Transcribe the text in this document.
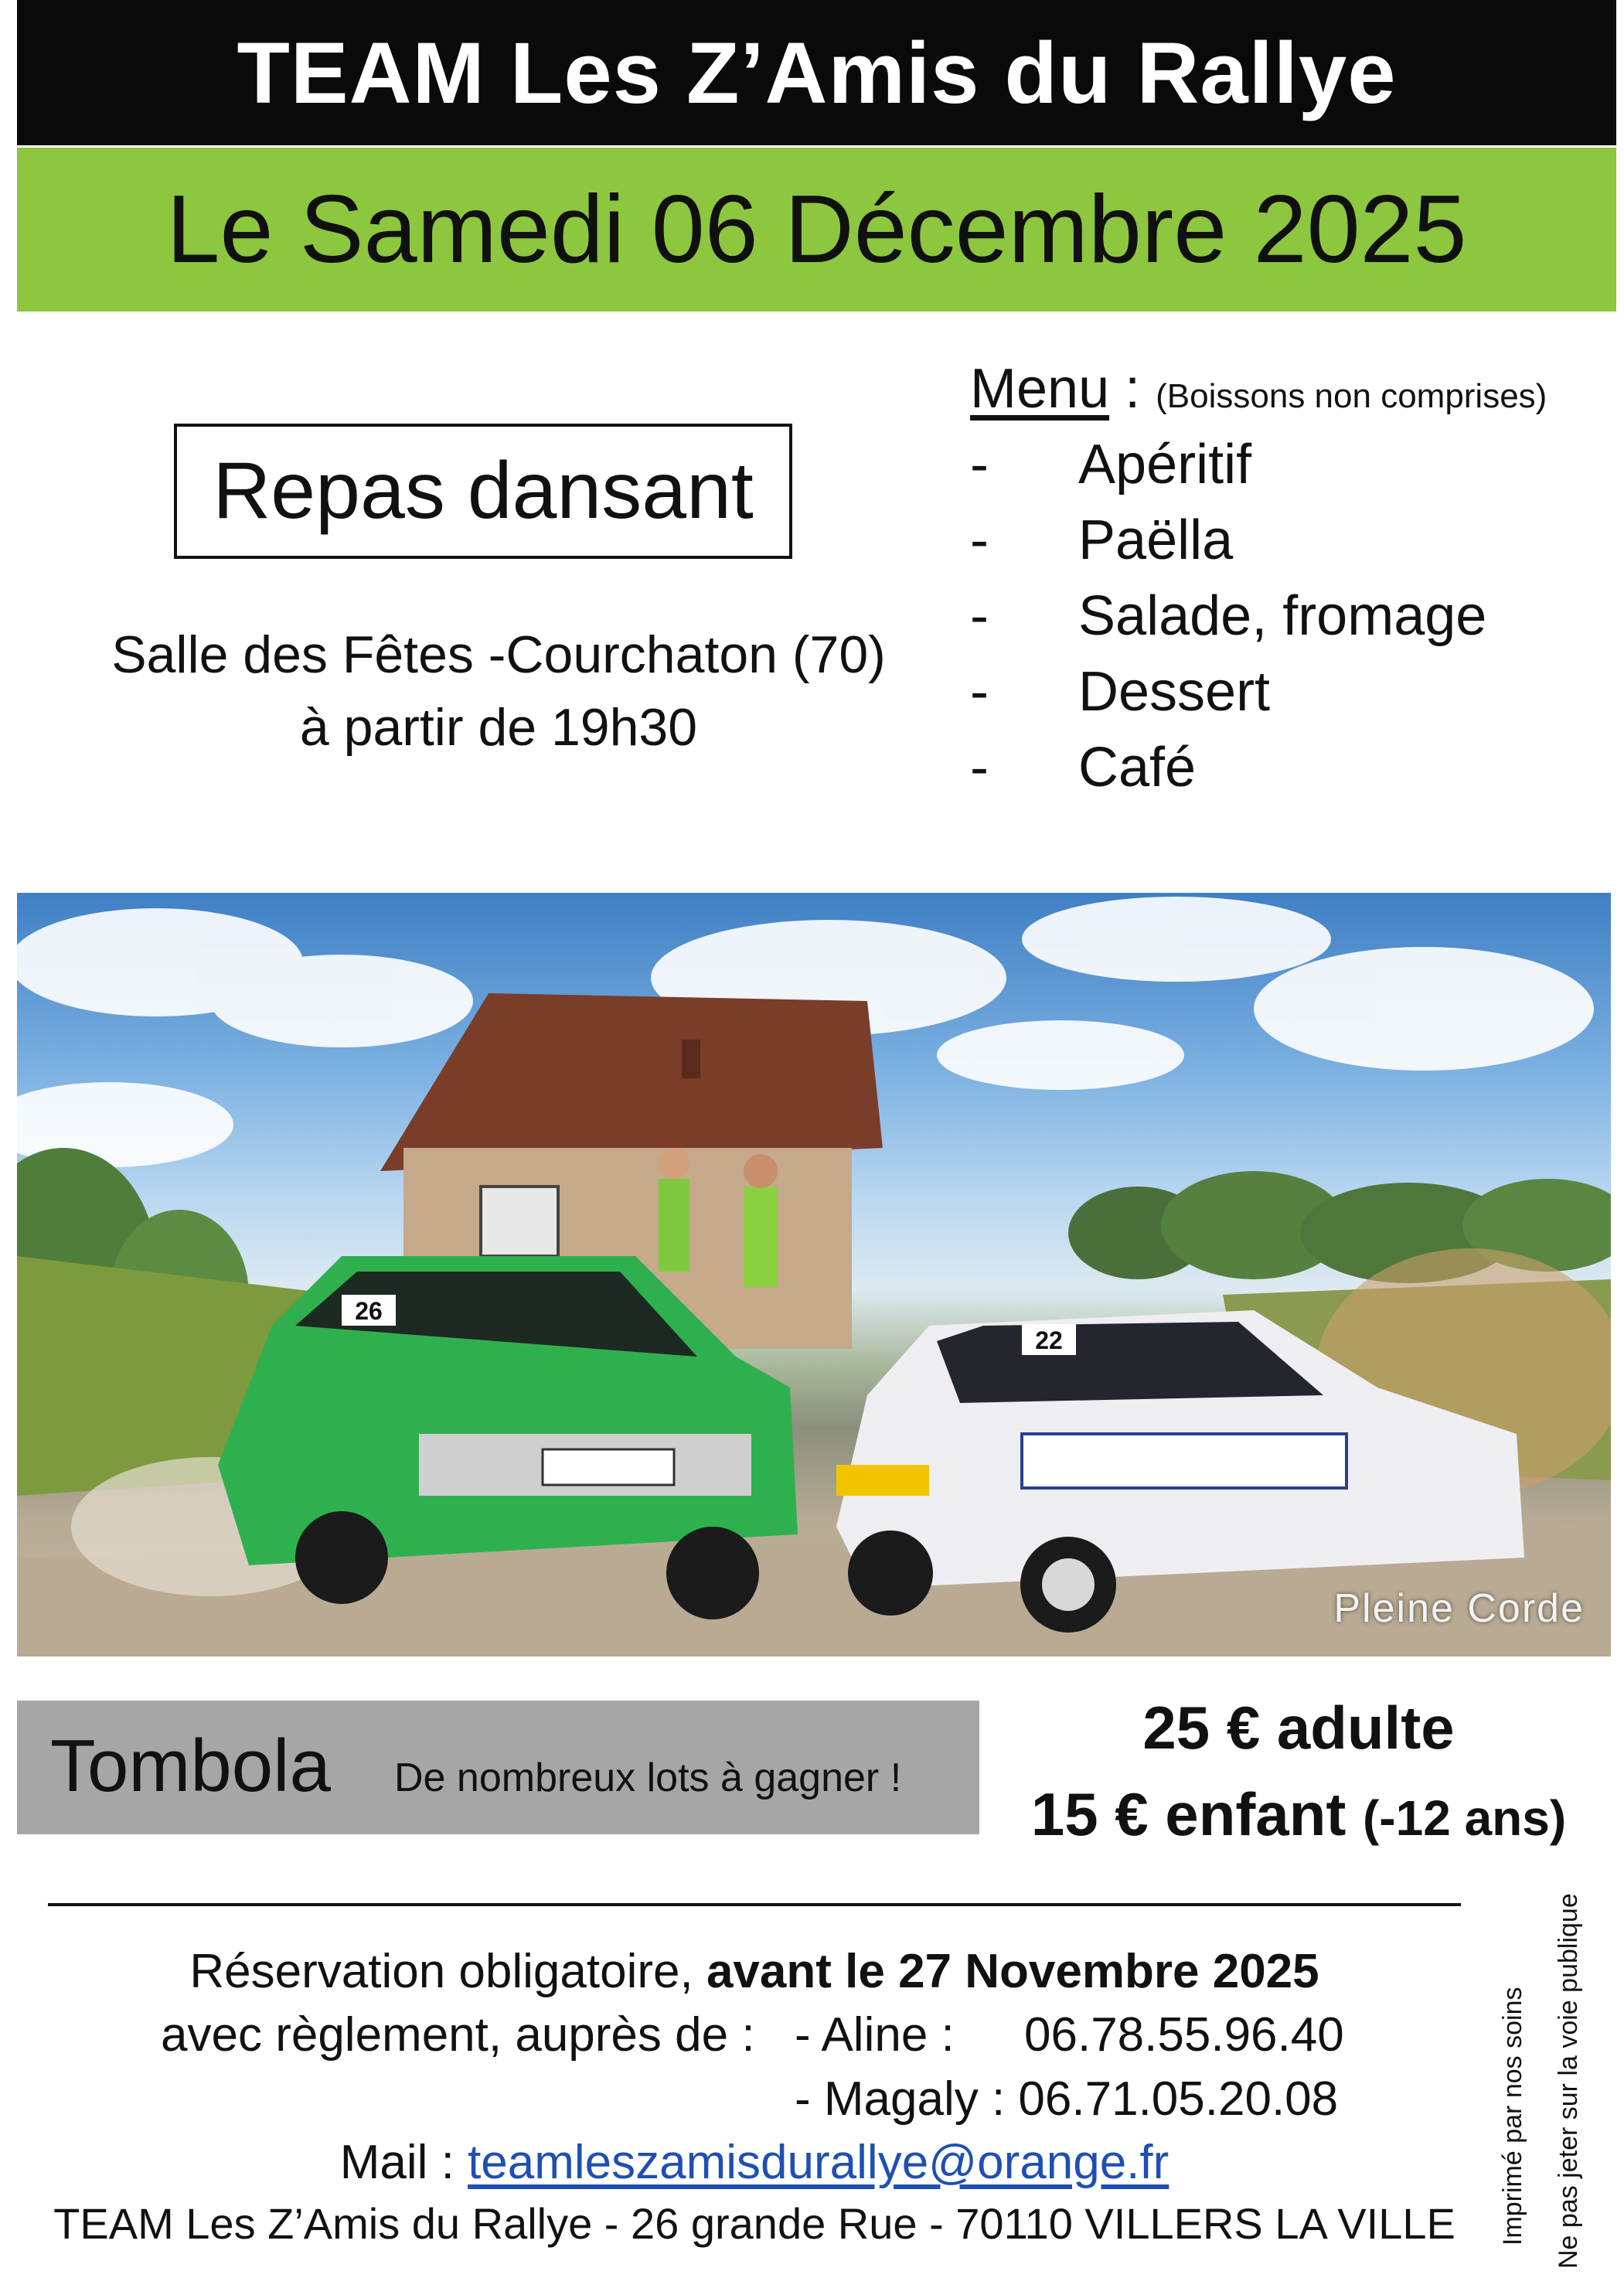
TEAM Les Z’Amis du Rallye
Le Samedi 06 Décembre 2025
Repas dansant
Salle des Fêtes -Courchaton (70)
à partir de 19h30
Menu : (Boissons non comprises)
- Apéritif
- Paëlla
- Salade, fromage
- Dessert
- Café
26
22
Pleine Corde
Tombola De nombreux lots à gagner !
25 € adulte
15 € enfant (-12 ans)
Réservation obligatoire, avant le 27 Novembre 2025
avec règlement, auprès de : - Aline : 06.78.55.96.40
- Magaly : 06.71.05.20.08
Mail : teamleszamisdurallye@orange.fr
TEAM Les Z’Amis du Rallye - 26 grande Rue - 70110 VILLERS LA VILLE Imprimé par nos soins Ne pas jeter sur la voie publique
